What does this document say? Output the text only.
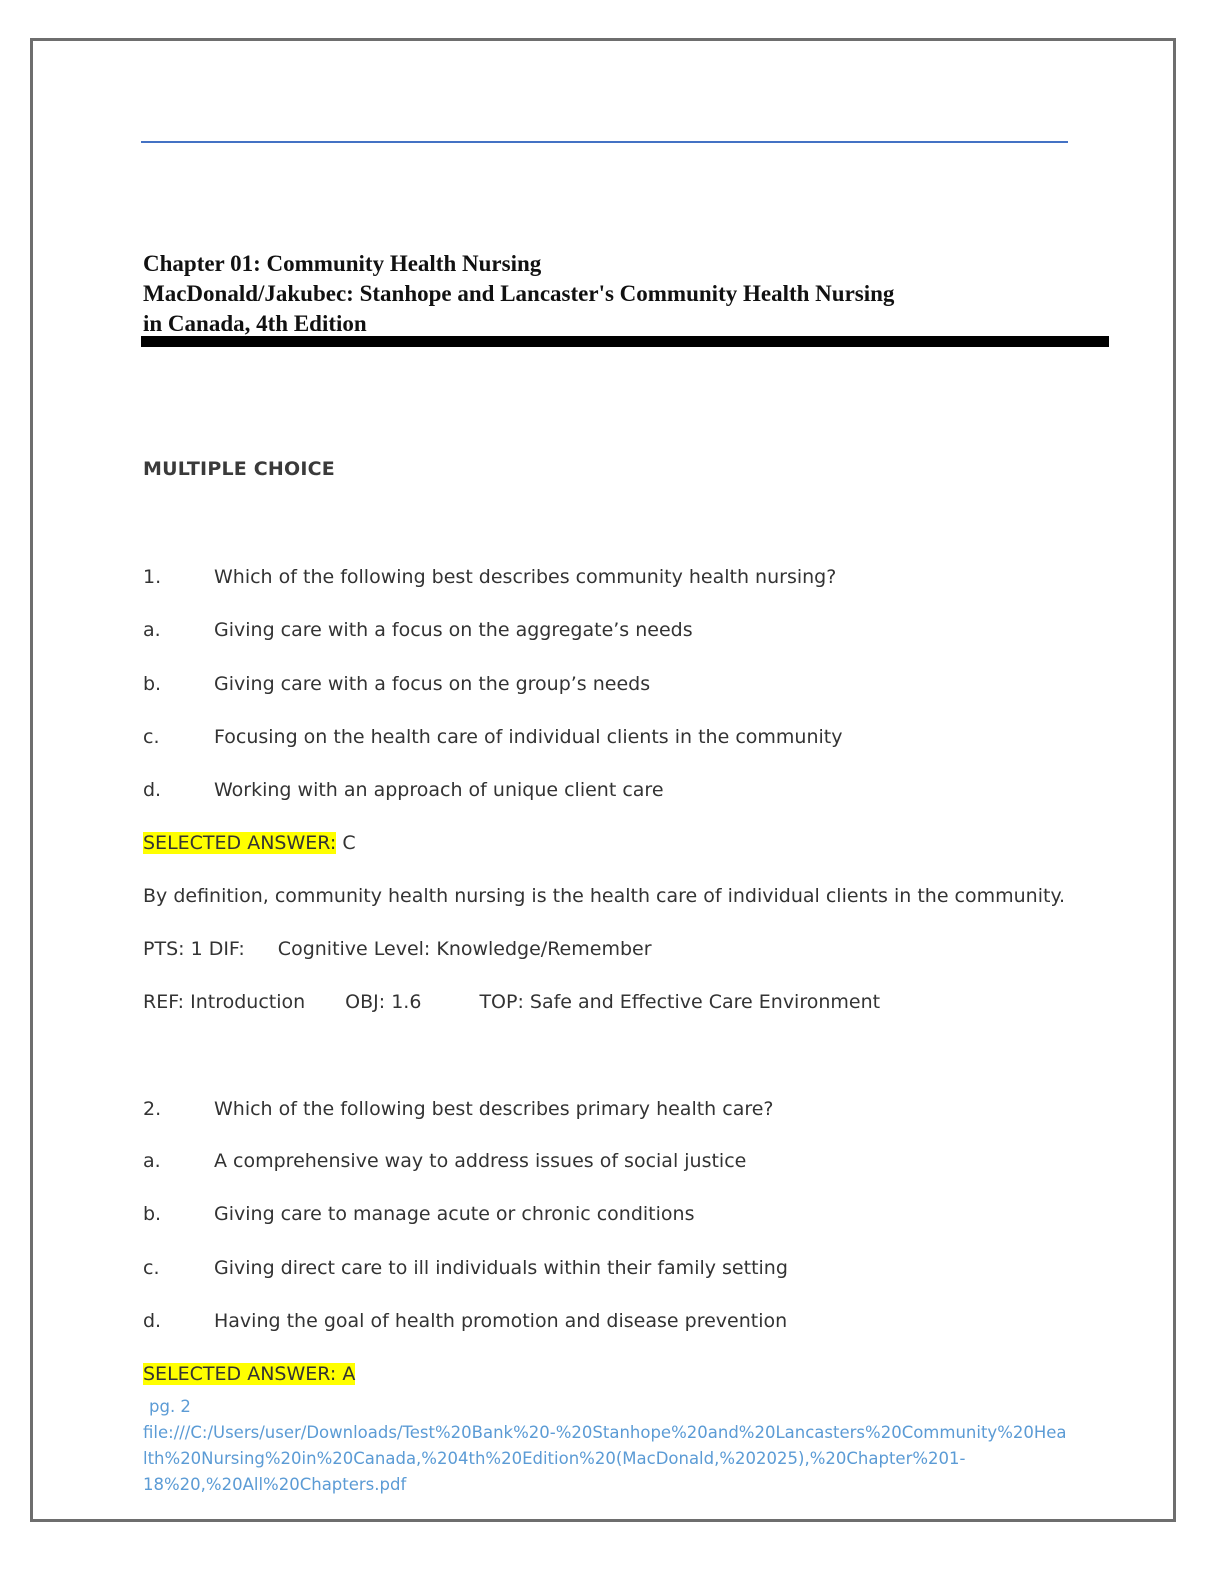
Chapter 01: Community Health Nursing
MacDonald/Jakubec: Stanhope and Lancaster's Community Health Nursing
in Canada, 4th Edition
MULTIPLE CHOICE
1.	Which of the following best describes community health nursing?
a.	Giving care with a focus on the aggregate’s needs
b.	Giving care with a focus on the group’s needs
c.	Focusing on the health care of individual clients in the community
d.	Working with an approach of unique client care
SELECTED ANSWER: C
By definition, community health nursing is the health care of individual clients in the community.
PTS: 1 DIF: Cognitive Level: Knowledge/Remember
REF: Introduction OBJ: 1.6	TOP: Safe and Effective Care Environment
2.	Which of the following best describes primary health care?
a.	A comprehensive way to address issues of social justice
b.	Giving care to manage acute or chronic conditions
c.	Giving direct care to ill individuals within their family setting
d.	Having the goal of health promotion and disease prevention
SELECTED ANSWER: A
pg. 2
file:///C:/Users/user/Downloads/Test%20Bank%20-%20Stanhope%20and%20Lancasters%20Community%20Hea
lth%20Nursing%20in%20Canada,%204th%20Edition%20(MacDonald,%202025),%20Chapter%201-
18%20,%20All%20Chapters.pdf
